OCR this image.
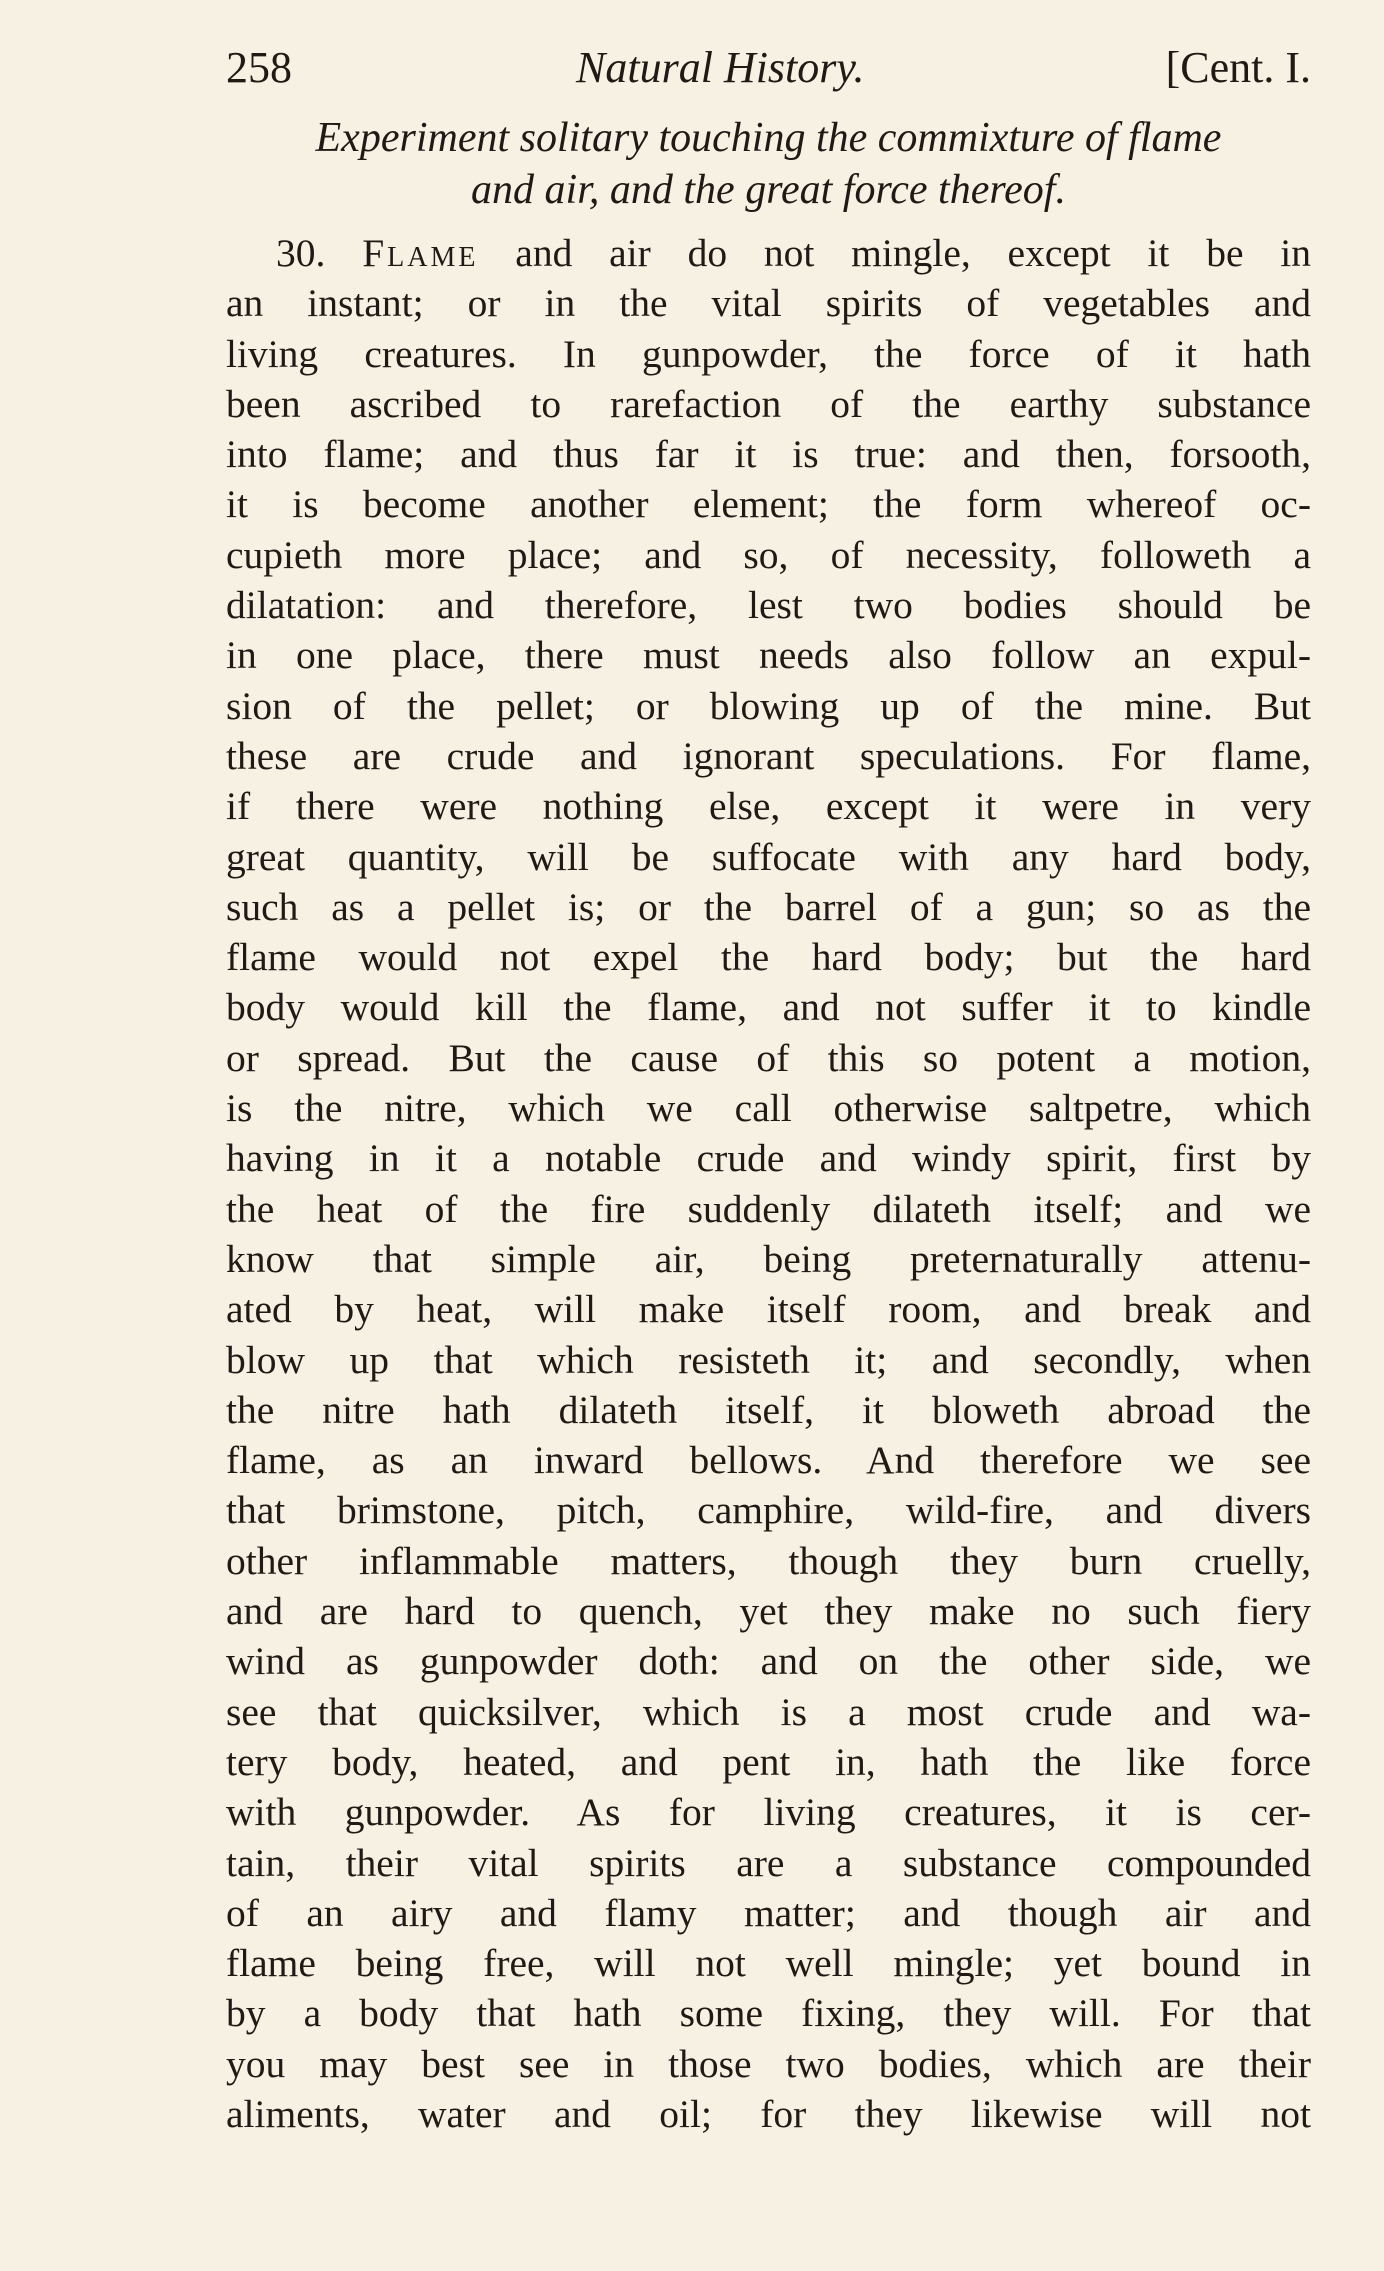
258	Natural History.	[Cent. I.
Experiment solitary touching the commixture of flame
and air, and the great force thereof.
30. Flame and air do not mingle, except it be in
an instant; or in the vital spirits of vegetables and
living creatures. In gunpowder, the force of it hath
been ascribed to rarefaction of the earthy substance
into flame; and thus far it is true: and then, forsooth,
it is become another element; the form whereof oc-
cupieth more place; and so, of necessity, followeth a
dilatation: and therefore, lest two bodies should be
in one place, there must needs also follow an expul-
sion of the pellet; or blowing up of the mine. But
these are crude and ignorant speculations. For flame,
if there were nothing else, except it were in very
great quantity, will be suffocate with any hard body,
such as a pellet is; or the barrel of a gun; so as the
flame would not expel the hard body; but the hard
body would kill the flame, and not suffer it to kindle
or spread. But the cause of this so potent a motion,
is the nitre, which we call otherwise saltpetre, which
having in it a notable crude and windy spirit, first by
the heat of the fire suddenly dilateth itself; and we
know that simple air, being preternaturally attenu-
ated by heat, will make itself room, and break and
blow up that which resisteth it; and secondly, when
the nitre hath dilateth itself, it bloweth abroad the
flame, as an inward bellows. And therefore we see
that brimstone, pitch, camphire, wild-fire, and divers
other inflammable matters, though they burn cruelly,
and are hard to quench, yet they make no such fiery
wind as gunpowder doth: and on the other side, we
see that quicksilver, which is a most crude and wa-
tery body, heated, and pent in, hath the like force
with gunpowder. As for living creatures, it is cer-
tain, their vital spirits are a substance compounded
of an airy and flamy matter; and though air and
flame being free, will not well mingle; yet bound in
by a body that hath some fixing, they will. For that
you may best see in those two bodies, which are their
aliments, water and oil; for they likewise will not
